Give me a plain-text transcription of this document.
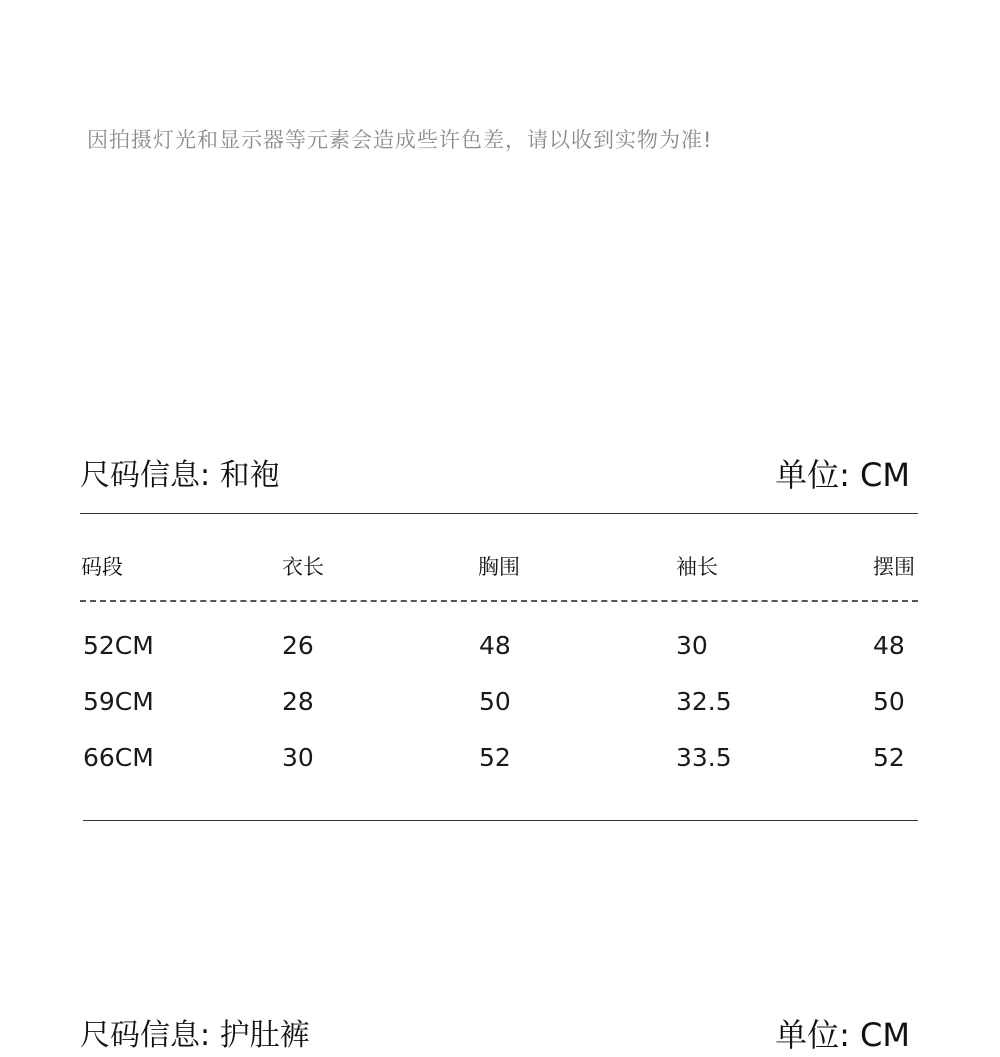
因拍摄灯光和显示器等元素会造成些许色差，请以收到实物为准!
尺码信息: 和袍	单位: CM
码段	衣长	胸围	袖长	摆围
52CM	26	48	30	48
59CM	28	50	32.5	50
66CM	30	52	33.5	52
尺码信息: 护肚裤	单位: CM
